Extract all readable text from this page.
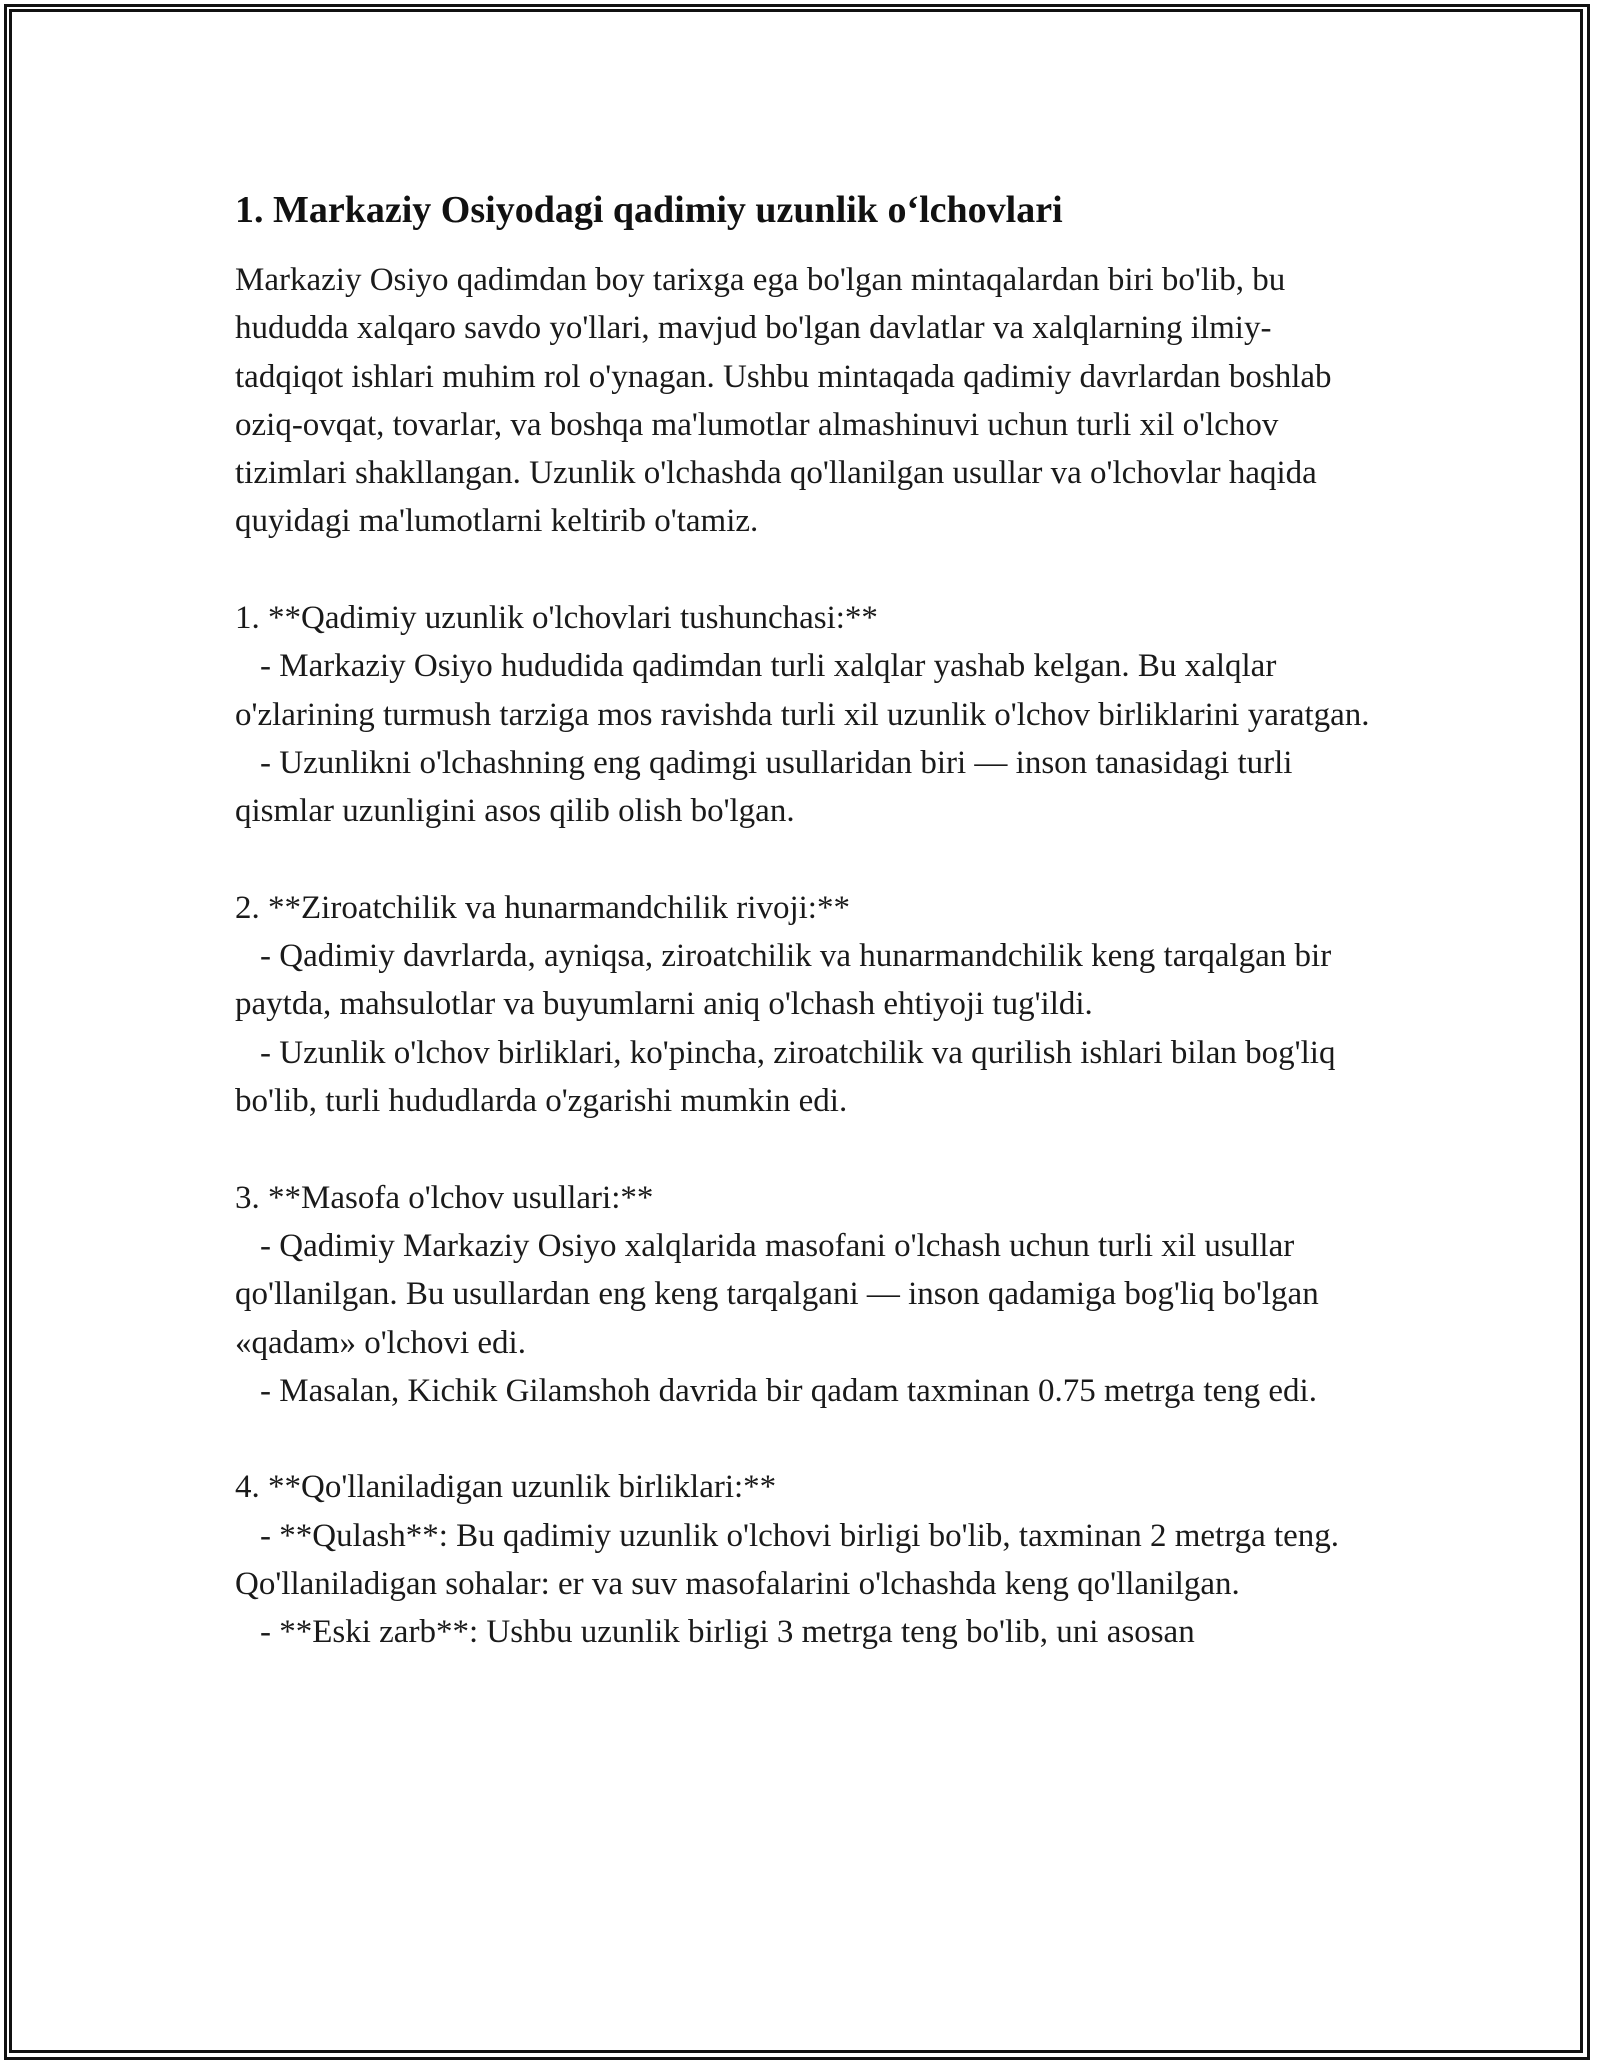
1. Markaziy Osiyodagi qadimiy uzunlik o‘lchovlari

Markaziy Osiyo qadimdan boy tarixga ega bo'lgan mintaqalardan biri bo'lib, bu hududda xalqaro savdo yo'llari, mavjud bo'lgan davlatlar va xalqlarning ilmiy-tadqiqot ishlari muhim rol o'ynagan. Ushbu mintaqada qadimiy davrlardan boshlab oziq-ovqat, tovarlar, va boshqa ma'lumotlar almashinuvi uchun turli xil o'lchov tizimlari shakllangan. Uzunlik o'lchashda qo'llanilgan usullar va o'lchovlar haqida quyidagi ma'lumotlarni keltirib o'tamiz.

1. **Qadimiy uzunlik o'lchovlari tushunchasi:**

- Markaziy Osiyo hududida qadimdan turli xalqlar yashab kelgan. Bu xalqlar o'zlarining turmush tarziga mos ravishda turli xil uzunlik o'lchov birliklarini yaratgan.

- Uzunlikni o'lchashning eng qadimgi usullaridan biri — inson tanasidagi turli qismlar uzunligini asos qilib olish bo'lgan.

2. **Ziroatchilik va hunarmandchilik rivoji:**

- Qadimiy davrlarda, ayniqsa, ziroatchilik va hunarmandchilik keng tarqalgan bir paytda, mahsulotlar va buyumlarni aniq o'lchash ehtiyoji tug'ildi.

- Uzunlik o'lchov birliklari, ko'pincha, ziroatchilik va qurilish ishlari bilan bog'liq bo'lib, turli hududlarda o'zgarishi mumkin edi.

3. **Masofa o'lchov usullari:**

- Qadimiy Markaziy Osiyo xalqlarida masofani o'lchash uchun turli xil usullar qo'llanilgan. Bu usullardan eng keng tarqalgani — inson qadamiga bog'liq bo'lgan «qadam» o'lchovi edi.

- Masalan, Kichik Gilamshoh davrida bir qadam taxminan 0.75 metrga teng edi.

4. **Qo'llaniladigan uzunlik birliklari:**

- **Qulash**: Bu qadimiy uzunlik o'lchovi birligi bo'lib, taxminan 2 metrga teng. Qo'llaniladigan sohalar: er va suv masofalarini o'lchashda keng qo'llanilgan.

- **Eski zarb**: Ushbu uzunlik birligi 3 metrga teng bo'lib, uni asosan
